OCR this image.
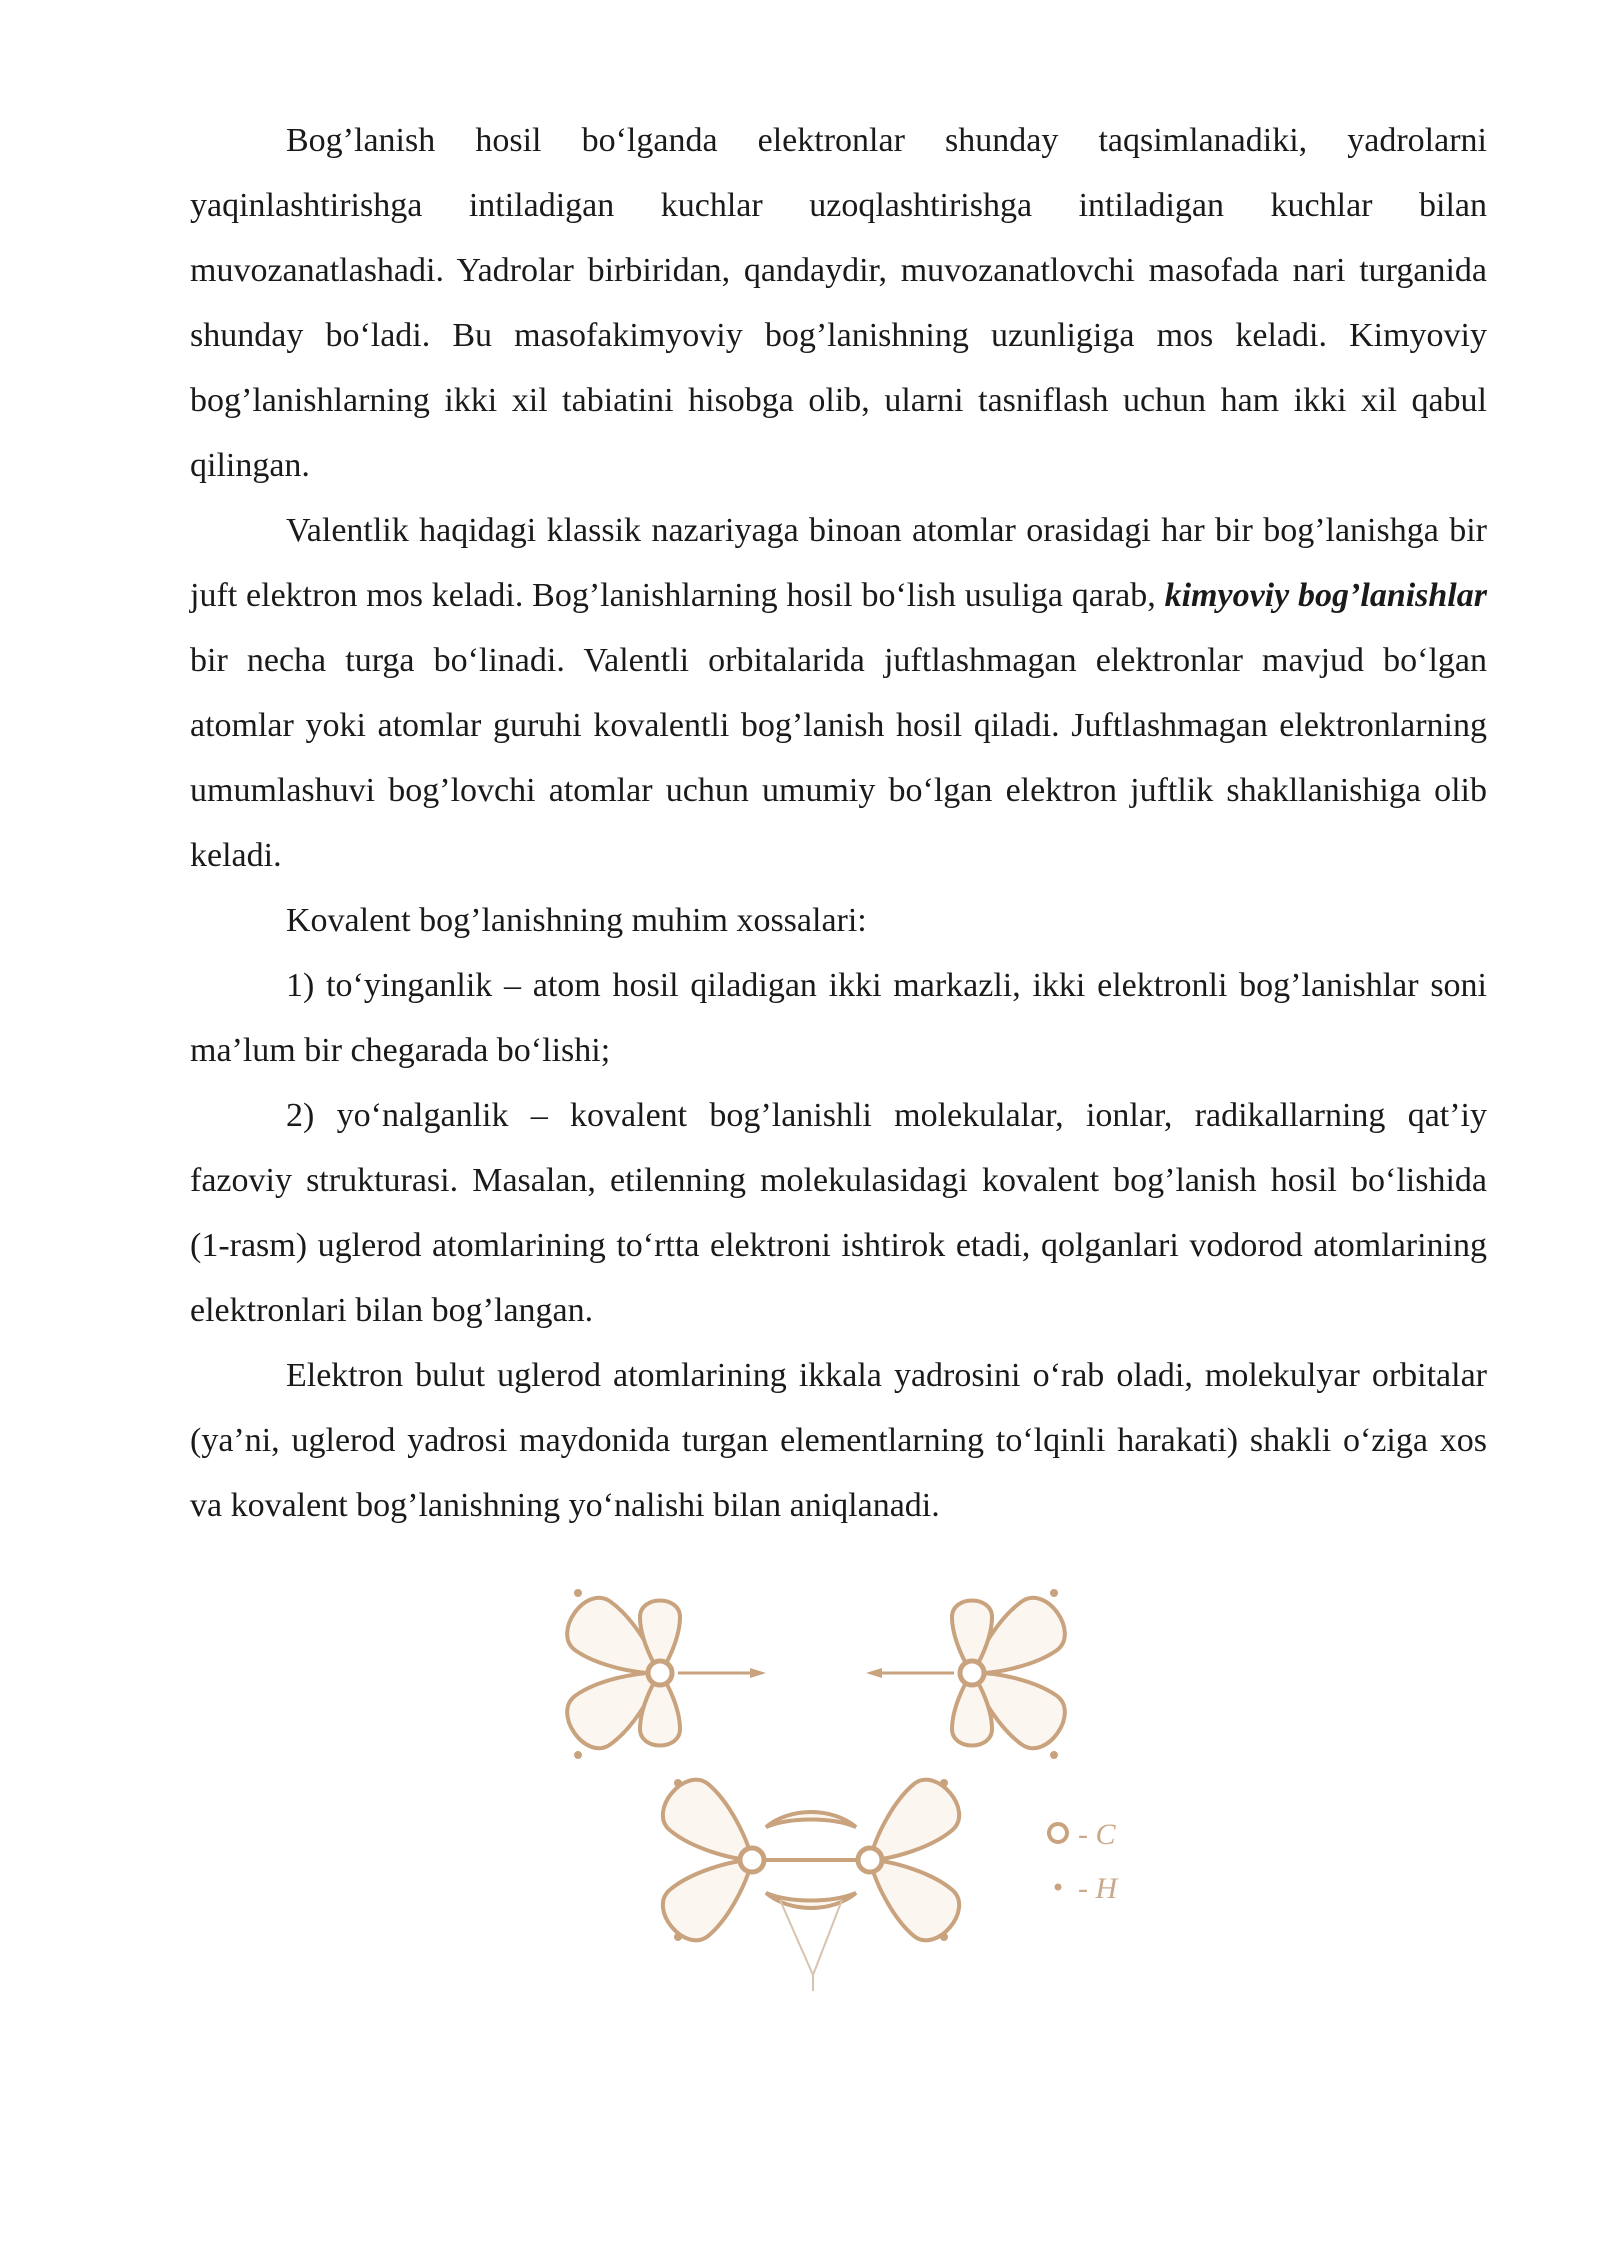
Bog’lanish hosil bo‘lganda elektronlar shunday taqsimlanadiki, yadrolarni yaqinlashtirishga intiladigan kuchlar uzoqlashtirishga intiladigan kuchlar bilan muvozanatlashadi. Yadrolar birbiridan, qandaydir, muvozanatlovchi masofada nari turganida shunday bo‘ladi. Bu masofakimyoviy bog’lanishning uzunligiga mos keladi. Kimyoviy bog’lanishlarning ikki xil tabiatini hisobga olib, ularni tasniflash uchun ham ikki xil qabul qilingan.

Valentlik haqidagi klassik nazariyaga binoan atomlar orasidagi har bir bog’lanishga bir juft elektron mos keladi. Bog’lanishlarning hosil bo‘lish usuliga qarab, kimyoviy bog’lanishlar bir necha turga bo‘linadi. Valentli orbitalarida juftlashmagan elektronlar mavjud bo‘lgan atomlar yoki atomlar guruhi kovalentli bog’lanish hosil qiladi. Juftlashmagan elektronlarning umumlashuvi bog’lovchi atomlar uchun umumiy bo‘lgan elektron juftlik shakllanishiga olib keladi.

Kovalent bog’lanishning muhim xossalari:

1) to‘yinganlik – atom hosil qiladigan ikki markazli, ikki elektronli bog’lanishlar soni ma’lum bir chegarada bo‘lishi;

2) yo‘nalganlik – kovalent bog’lanishli molekulalar, ionlar, radikallarning qat’iy fazoviy strukturasi. Masalan, etilenning molekulasidagi kovalent bog’lanish hosil bo‘lishida (1-rasm) uglerod atomlarining to‘rtta elektroni ishtirok etadi, qolganlari vodorod atomlarining elektronlari bilan bog’langan.

Elektron bulut uglerod atomlarining ikkala yadrosini o‘rab oladi, molekulyar orbitalar (ya’ni, uglerod yadrosi maydonida turgan elementlarning to‘lqinli harakati) shakli o‘ziga xos va kovalent bog’lanishning yo‘nalishi bilan aniqlanadi.

- C
- H
